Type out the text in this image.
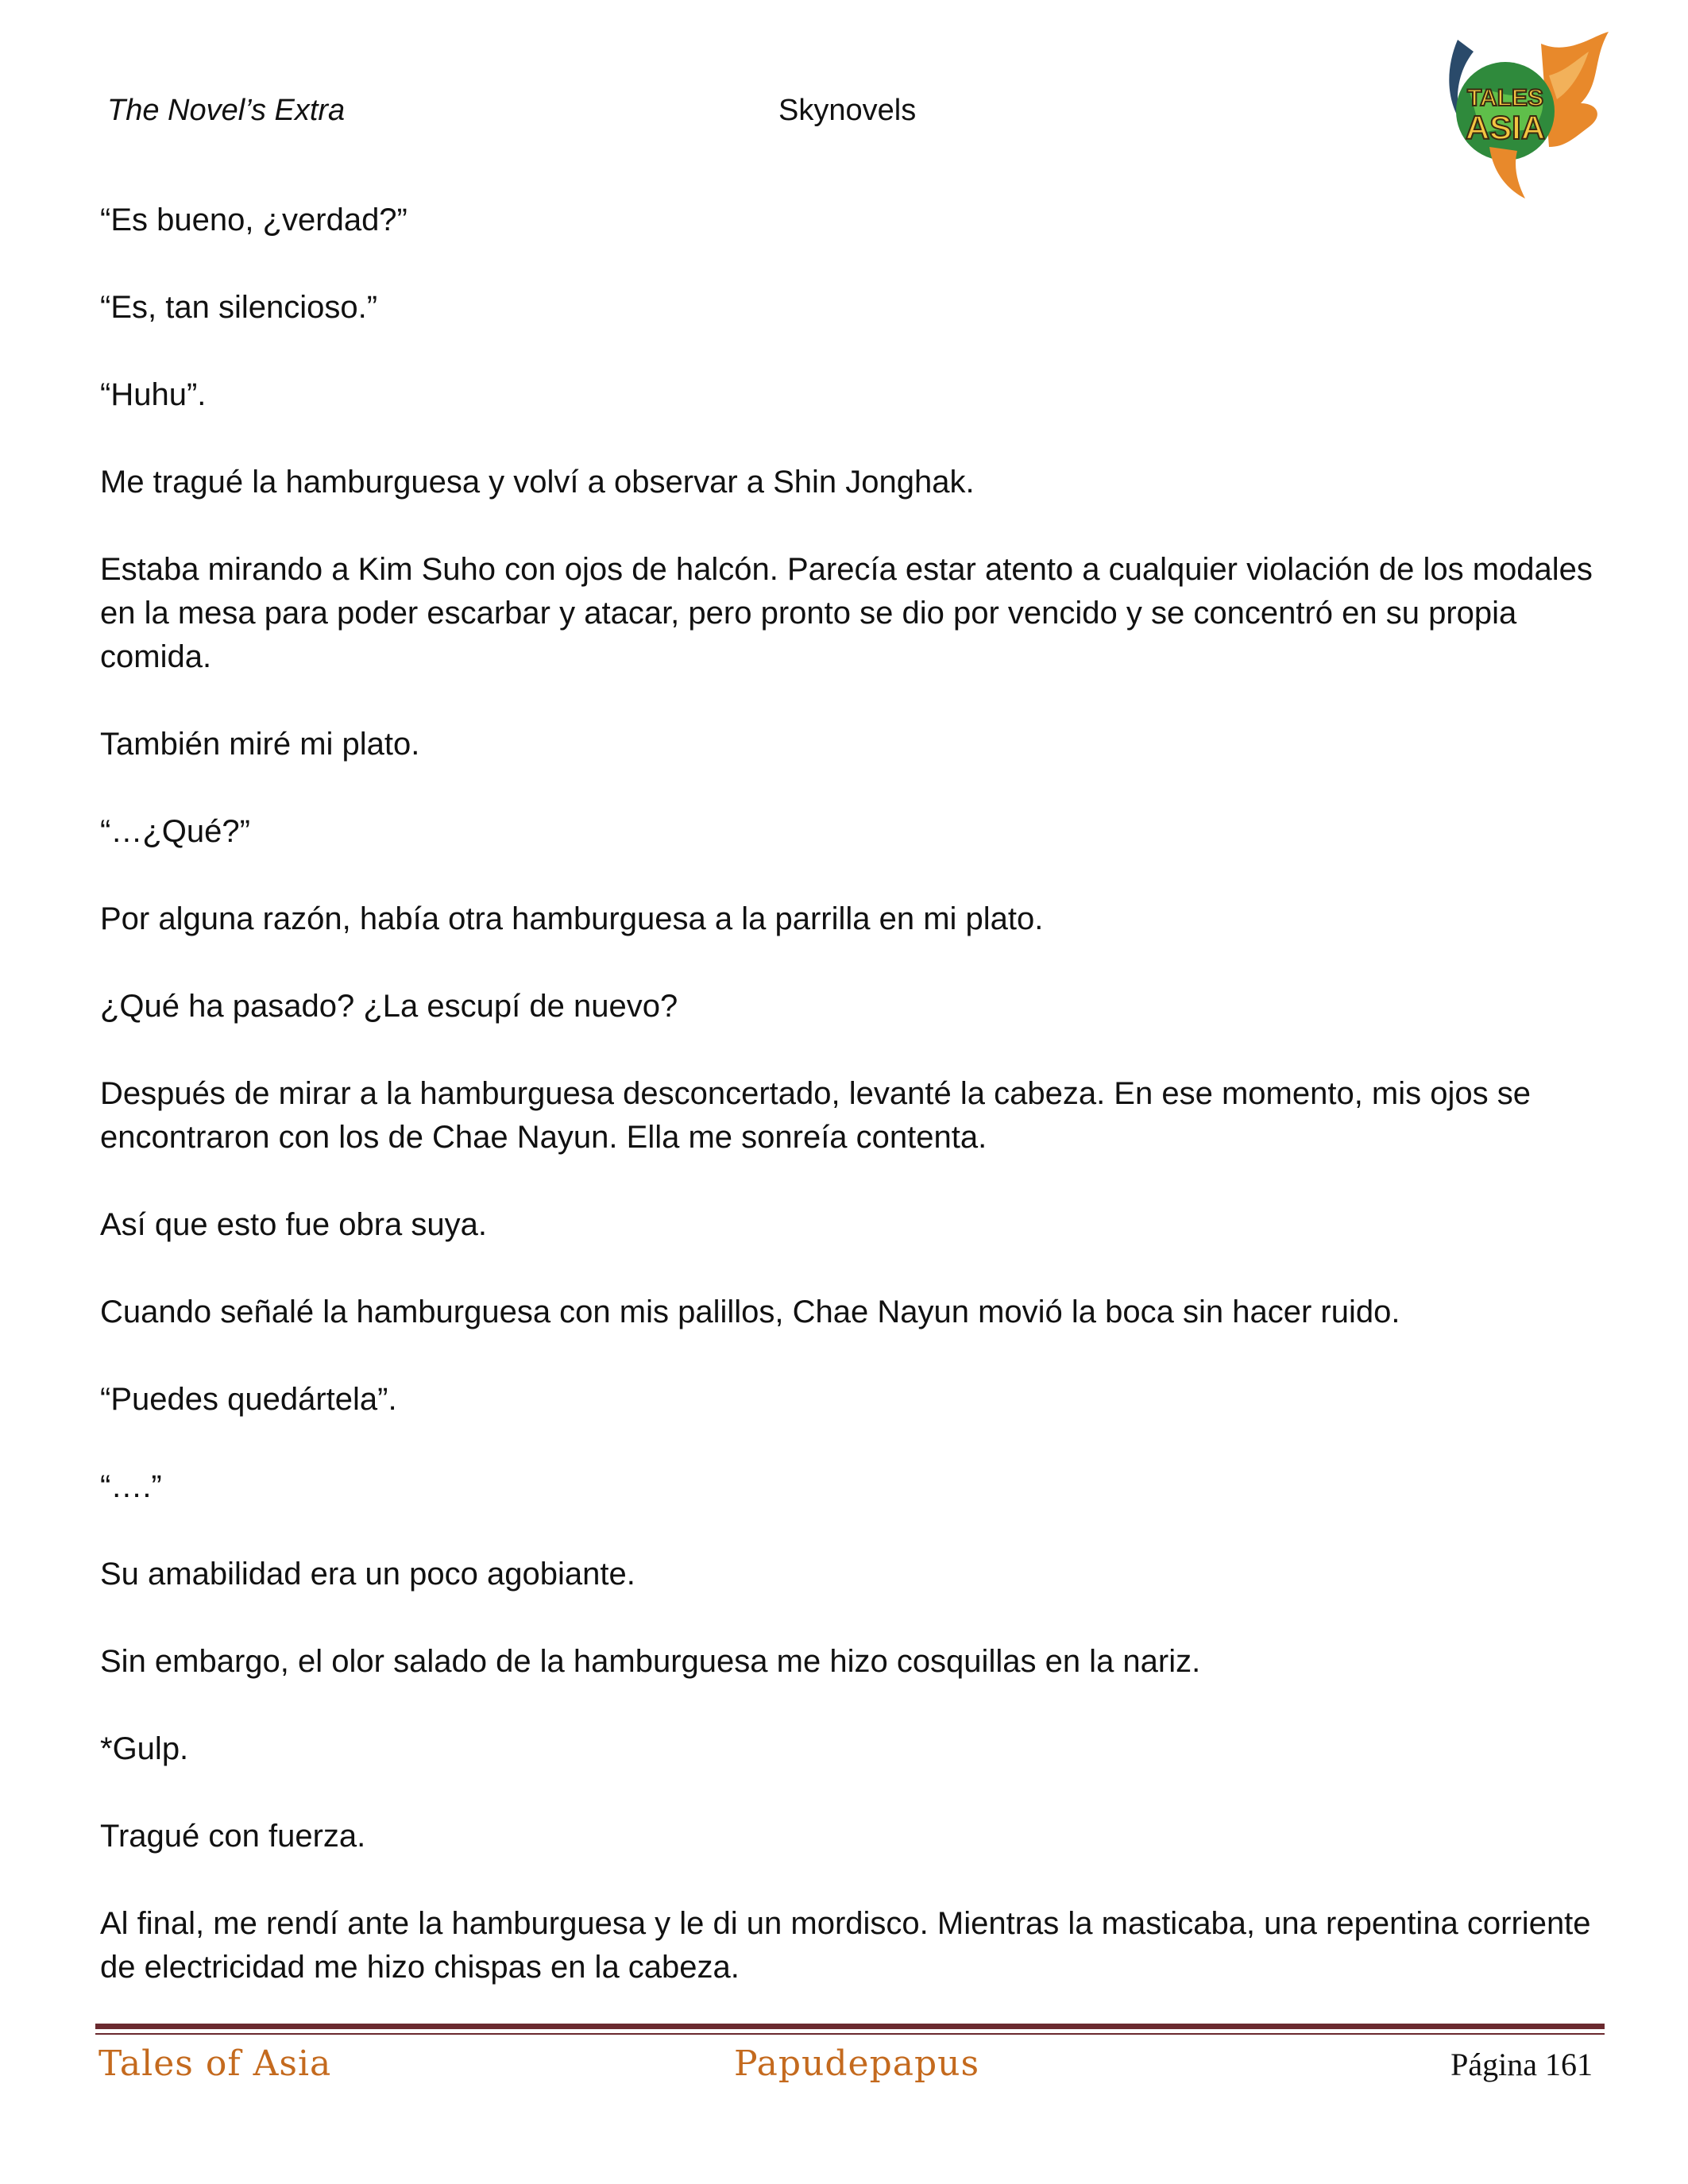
The Novel’s Extra	Skynovels	TALES
ASIA

“Es bueno, ¿verdad?”

“Es, tan silencioso.”

“Huhu”.

Me tragué la hamburguesa y volví a observar a Shin Jonghak.

Estaba mirando a Kim Suho con ojos de halcón. Parecía estar atento a cualquier violación de los modales en la mesa para poder escarbar y atacar, pero pronto se dio por vencido y se concentró en su propia comida.

También miré mi plato.

“…¿Qué?”

Por alguna razón, había otra hamburguesa a la parrilla en mi plato.

¿Qué ha pasado? ¿La escupí de nuevo?

Después de mirar a la hamburguesa desconcertado, levanté la cabeza. En ese momento, mis ojos se encontraron con los de Chae Nayun. Ella me sonreía contenta.

Así que esto fue obra suya.

Cuando señalé la hamburguesa con mis palillos, Chae Nayun movió la boca sin hacer ruido.

“Puedes quedártela”.

“….”

Su amabilidad era un poco agobiante.

Sin embargo, el olor salado de la hamburguesa me hizo cosquillas en la nariz.

*Gulp.

Tragué con fuerza.

Al final, me rendí ante la hamburguesa y le di un mordisco. Mientras la masticaba, una repentina corriente de electricidad me hizo chispas en la cabeza.

Tales of Asia	Papudepapus	Página 161
